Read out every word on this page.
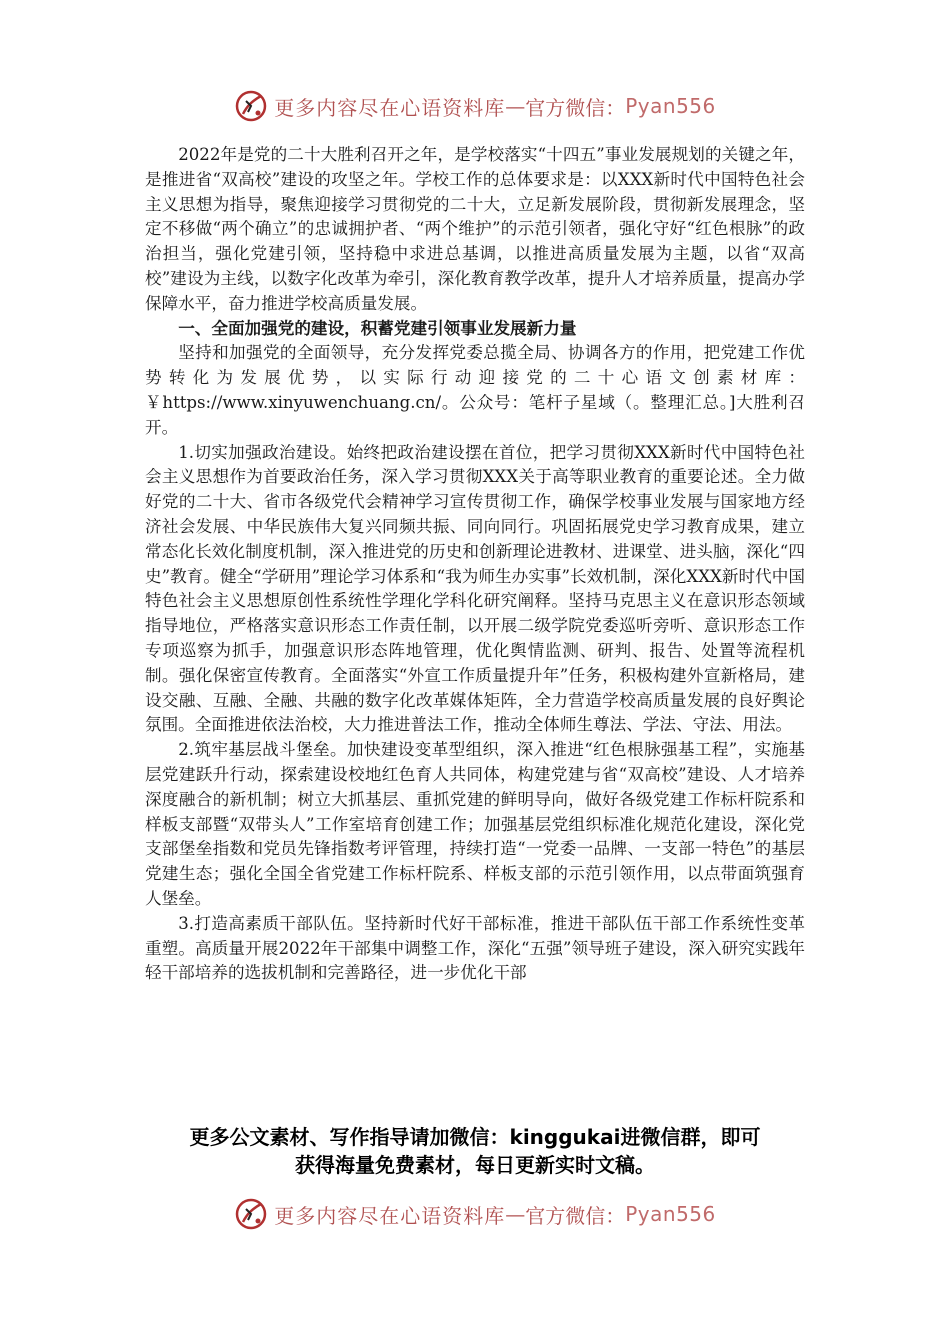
更多内容尽在心语资料库 — 官方微信： Pyan556

2022年是党的二十大胜利召开之年，是学校落实“十四五”事业发展规划的关键之年，是推进省“双高校”建设的攻坚之年。学校工作的总体要求是：以XXX新时代中国特色社会主义思想为指导，聚焦迎接学习贯彻党的二十大，立足新发展阶段，贯彻新发展理念，坚定不移做“两个确立”的忠诚拥护者、“两个维护”的示范引领者，强化守好“红色根脉”的政治担当，强化党建引领，坚持稳中求进总基调，以推进高质量发展为主题，以省“双高校”建设为主线，以数字化改革为牵引，深化教育教学改革，提升人才培养质量，提高办学保障水平，奋力推进学校高质量发展。

一、全面加强党的建设，积蓄党建引领事业发展新力量

坚持和加强党的全面领导，充分发挥党委总揽全局、协调各方的作用，把党建工作优势转化为发展优势，以实际行动迎接党的二十心语文创素材库：￥https://www.xinyuwenchuang.cn/。公众号：笔杆子星域（。整理汇总。]大胜利召开。

1.切实加强政治建设。始终把政治建设摆在首位，把学习贯彻XXX新时代中国特色社会主义思想作为首要政治任务，深入学习贯彻XXX关于高等职业教育的重要论述。全力做好党的二十大、省市各级党代会精神学习宣传贯彻工作，确保学校事业发展与国家地方经济社会发展、中华民族伟大复兴同频共振、同向同行。巩固拓展党史学习教育成果，建立常态化长效化制度机制，深入推进党的历史和创新理论进教材、进课堂、进头脑，深化“四史”教育。健全“学研用”理论学习体系和“我为师生办实事”长效机制，深化XXX新时代中国特色社会主义思想原创性系统性学理化学科化研究阐释。坚持马克思主义在意识形态领域指导地位，严格落实意识形态工作责任制，以开展二级学院党委巡听旁听、意识形态工作专项巡察为抓手，加强意识形态阵地管理，优化舆情监测、研判、报告、处置等流程机制。强化保密宣传教育。全面落实“外宣工作质量提升年”任务，积极构建外宣新格局，建设交融、互融、全融、共融的数字化改革媒体矩阵，全力营造学校高质量发展的良好舆论氛围。全面推进依法治校，大力推进普法工作，推动全体师生尊法、学法、守法、用法。

2.筑牢基层战斗堡垒。加快建设变革型组织，深入推进“红色根脉强基工程”，实施基层党建跃升行动，探索建设校地红色育人共同体，构建党建与省“双高校”建设、人才培养深度融合的新机制；树立大抓基层、重抓党建的鲜明导向，做好各级党建工作标杆院系和样板支部暨“双带头人”工作室培育创建工作；加强基层党组织标准化规范化建设，深化党支部堡垒指数和党员先锋指数考评管理，持续打造“一党委一品牌、一支部一特色”的基层党建生态；强化全国全省党建工作标杆院系、样板支部的示范引领作用，以点带面筑强育人堡垒。

3.打造高素质干部队伍。坚持新时代好干部标准，推进干部队伍干部工作系统性变革重塑。高质量开展2022年干部集中调整工作，深化“五强”领导班子建设，深入研究实践年轻干部培养的选拔机制和完善路径，进一步优化干部

更多公文素材、写作指导请加微信：kinggukai进微信群，即可
获得海量免费素材，每日更新实时文稿。
更多内容尽在心语资料库 — 官方微信： Pyan556
